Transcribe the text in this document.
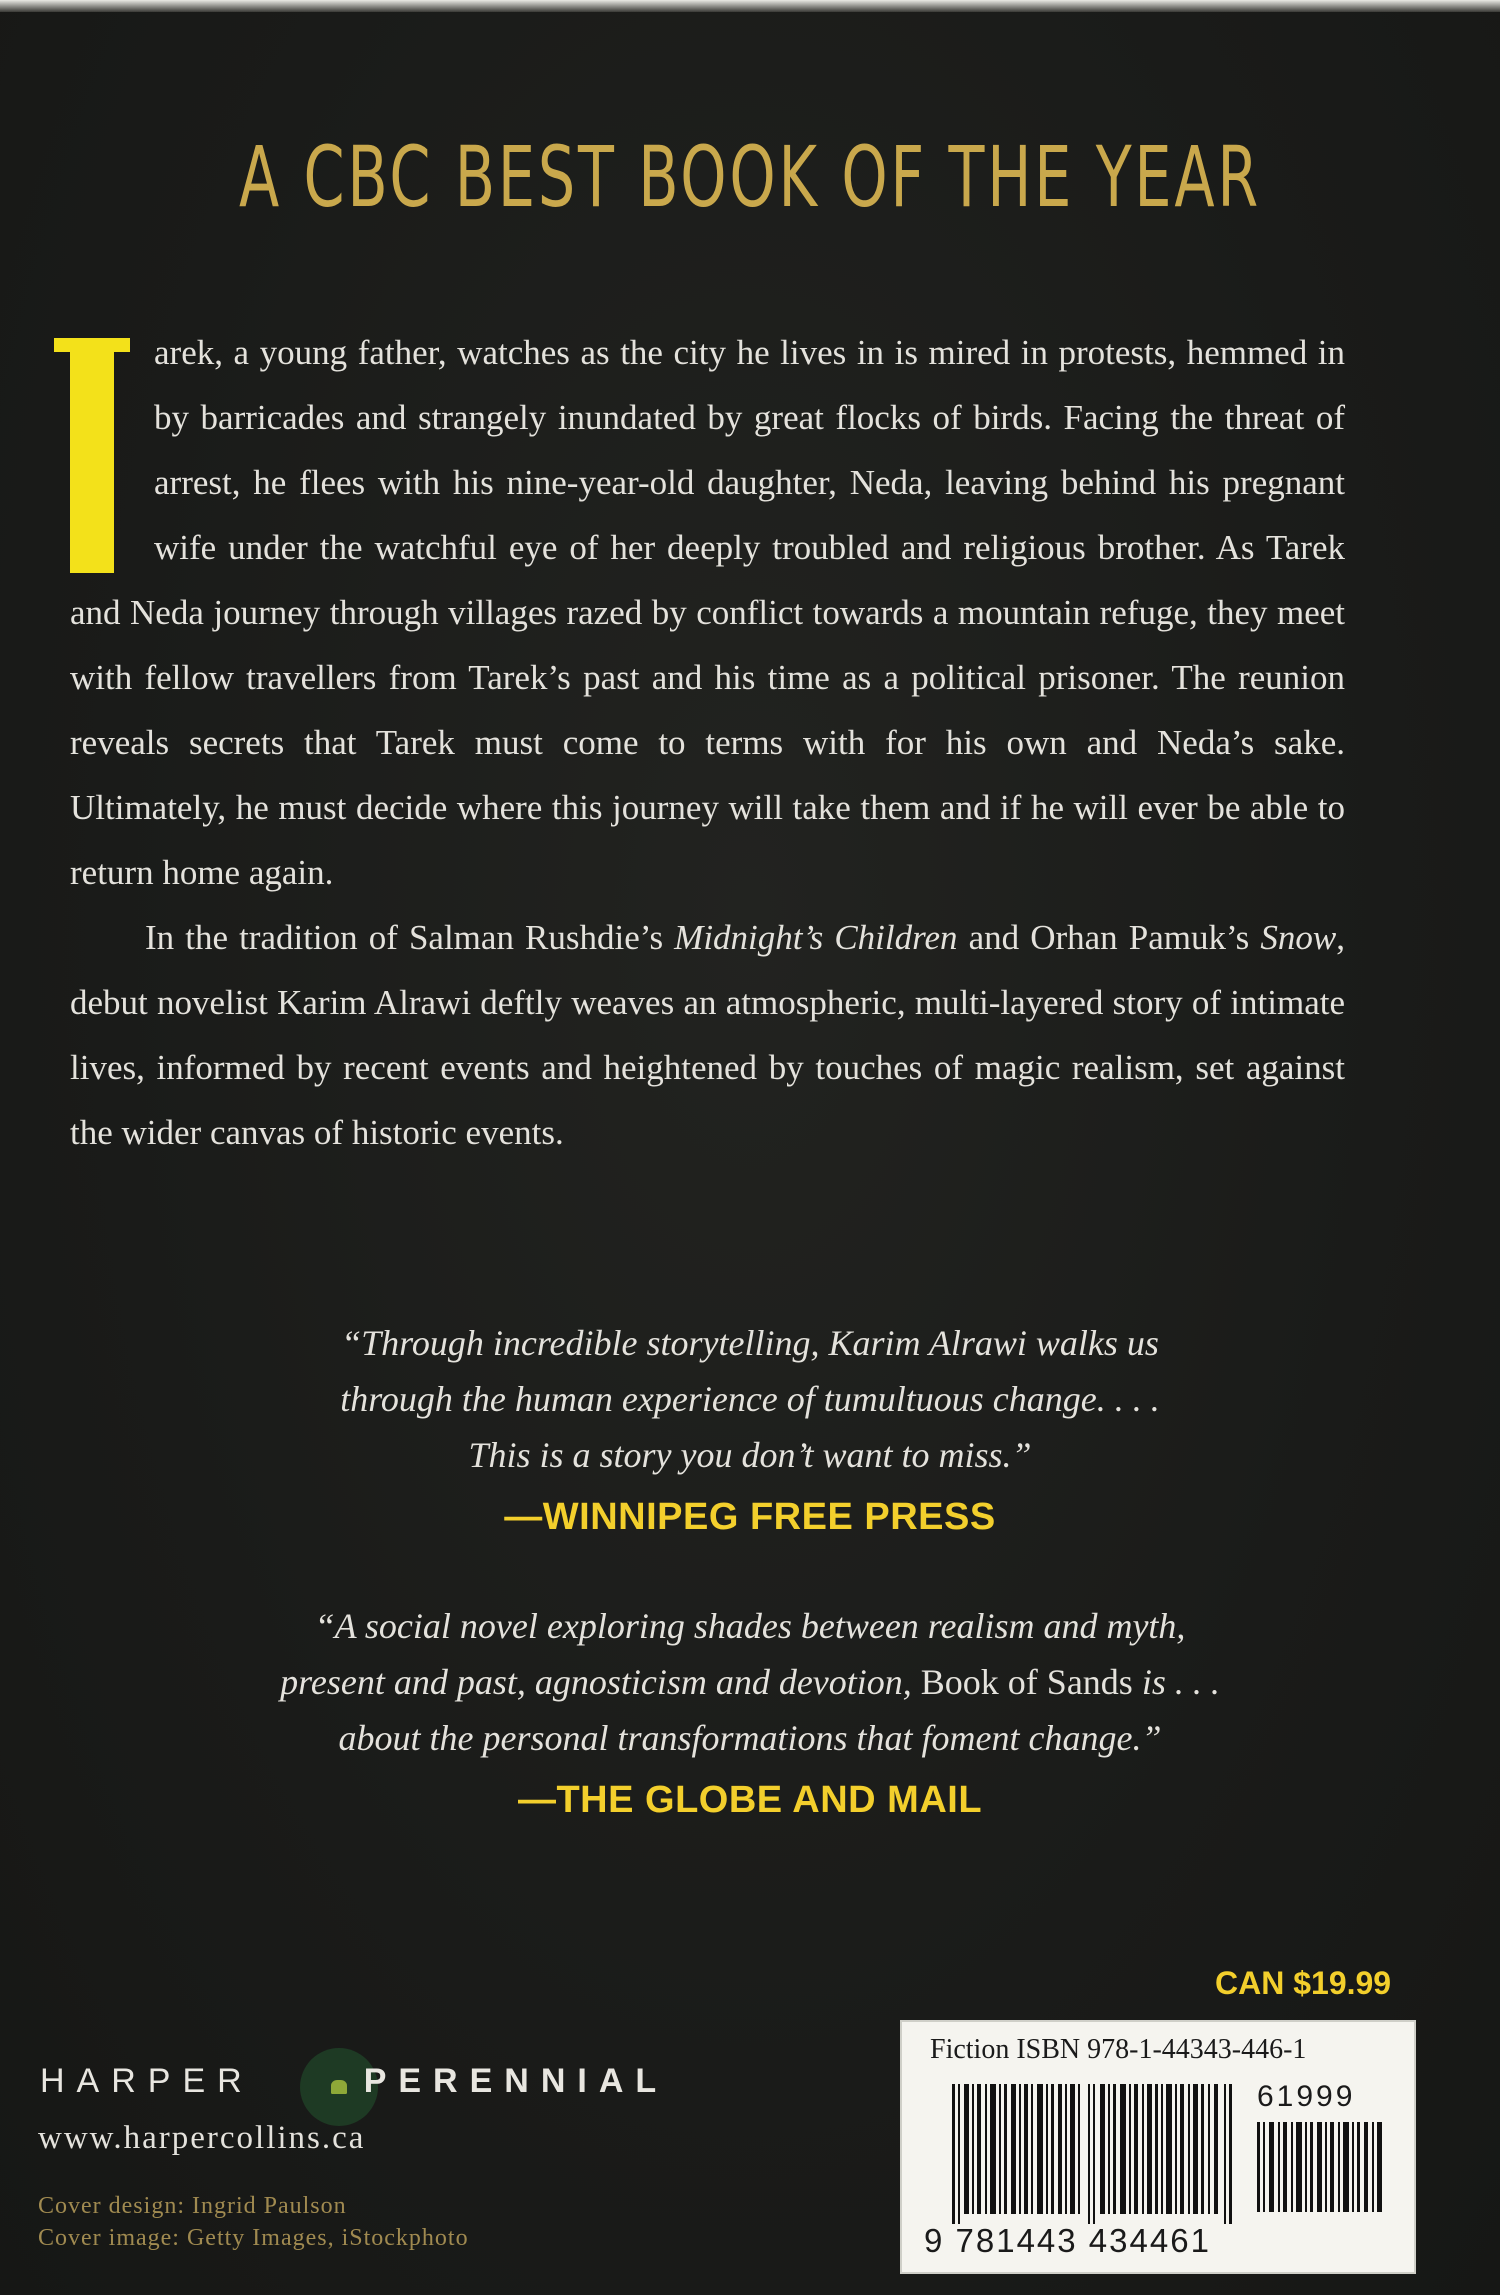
A CBC BEST BOOK OF THE YEAR

arek, a young father, watches as the city he lives in is mired in protests, hemmed in by barricades and strangely inundated by great flocks of birds. Facing the threat of arrest, he flees with his nine-year-old daughter, Neda, leaving behind his pregnant wife under the watchful eye of her deeply troubled and religious brother. As Tarek and Neda journey through villages razed by conflict towards a mountain refuge, they meet with fellow travellers from Tarek’s past and his time as a political prisoner. The reunion reveals secrets that Tarek must come to terms with for his own and Neda’s sake. Ultimately, he must decide where this journey will take them and if he will ever be able to return home again.

In the tradition of Salman Rushdie’s Midnight’s Children and Orhan Pamuk’s Snow, debut novelist Karim Alrawi deftly weaves an atmospheric, multi-layered story of intimate lives, informed by recent events and heightened by touches of magic realism, set against the wider canvas of historic events.

“Through incredible storytelling, Karim Alrawi walks us
through the human experience of tumultuous change. . . .
This is a story you don’t want to miss.”
—WINNIPEG FREE PRESS
“A social novel exploring shades between realism and myth,
present and past, agnosticism and devotion, Book of Sands is . . .
about the personal transformations that foment change.”
—THE GLOBE AND MAIL
CAN $19.99
Fiction ISBN 978-1-44343-446-1
61999
9 781443 434461
HARPER	PERENNIAL
www.harpercollins.ca
Cover design: Ingrid Paulson
Cover image: Getty Images, iStockphoto
